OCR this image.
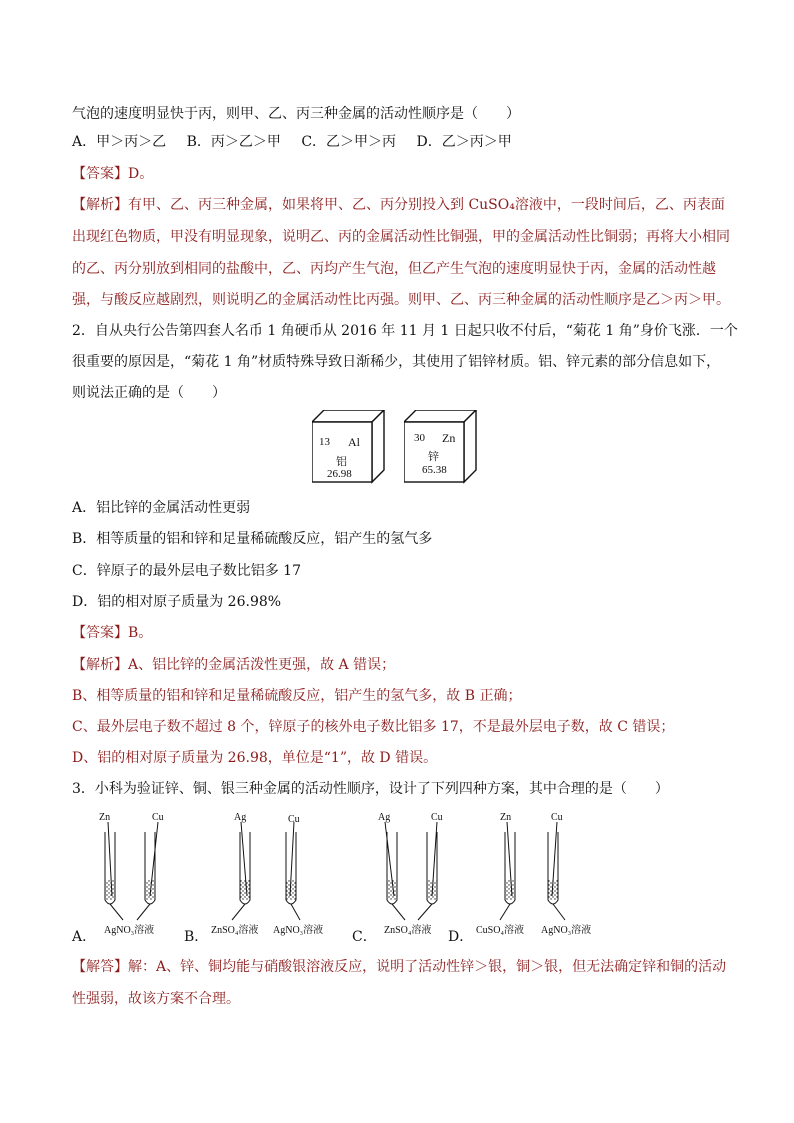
气泡的速度明显快于丙，则甲、乙、丙三种金属的活动性顺序是（　　）
A．甲＞丙＞乙 B．丙＞乙＞甲 C．乙＞甲＞丙 D．乙＞丙＞甲
【答案】D。
【解析】有甲、乙、丙三种金属，如果将甲、乙、丙分别投入到 CuSO₄溶液中，一段时间后，乙、丙表面
出现红色物质，甲没有明显现象，说明乙、丙的金属活动性比铜强，甲的金属活动性比铜弱；再将大小相同
的乙、丙分别放到相同的盐酸中，乙、丙均产生气泡，但乙产生气泡的速度明显快于丙，金属的活动性越
强，与酸反应越剧烈，则说明乙的金属活动性比丙强。则甲、乙、丙三种金属的活动性顺序是乙＞丙＞甲。
2．自从央行公告第四套人名币 1 角硬币从 2016 年 11 月 1 日起只收不付后，“菊花 1 角”身价飞涨．一个
很重要的原因是，“菊花 1 角”材质特殊导致日渐稀少，其使用了铝锌材质。铝、锌元素的部分信息如下，
则说法正确的是（　　）
13 Al
铝
26.98
30 Zn
锌
65.38
A．铝比锌的金属活动性更弱
B．相等质量的铝和锌和足量稀硫酸反应，铝产生的氢气多
C．锌原子的最外层电子数比铝多 17
D．铝的相对原子质量为 26.98%
【答案】B。
【解析】A、铝比锌的金属活泼性更强，故 A 错误；
B、相等质量的铝和锌和足量稀硫酸反应，铝产生的氢气多，故 B 正确；
C、最外层电子数不超过 8 个，锌原子的核外电子数比铝多 17，不是最外层电子数，故 C 错误；
D、铝的相对原子质量为 26.98，单位是“1”，故 D 错误。
3．小科为验证锌、铜、银三种金属的活动性顺序，设计了下列四种方案，其中合理的是（　　）
Zn	Cu	Ag	Cu	Ag	Cu	Zn	Cu
AgNO₃溶液	ZnSO₄溶液 AgNO₃溶液	ZnSO₄溶液	CuSO₄溶液 AgNO₃溶液
A．	B．	C．	D．
【解答】解：A、锌、铜均能与硝酸银溶液反应，说明了活动性锌＞银，铜＞银，但无法确定锌和铜的活动
性强弱，故该方案不合理。
